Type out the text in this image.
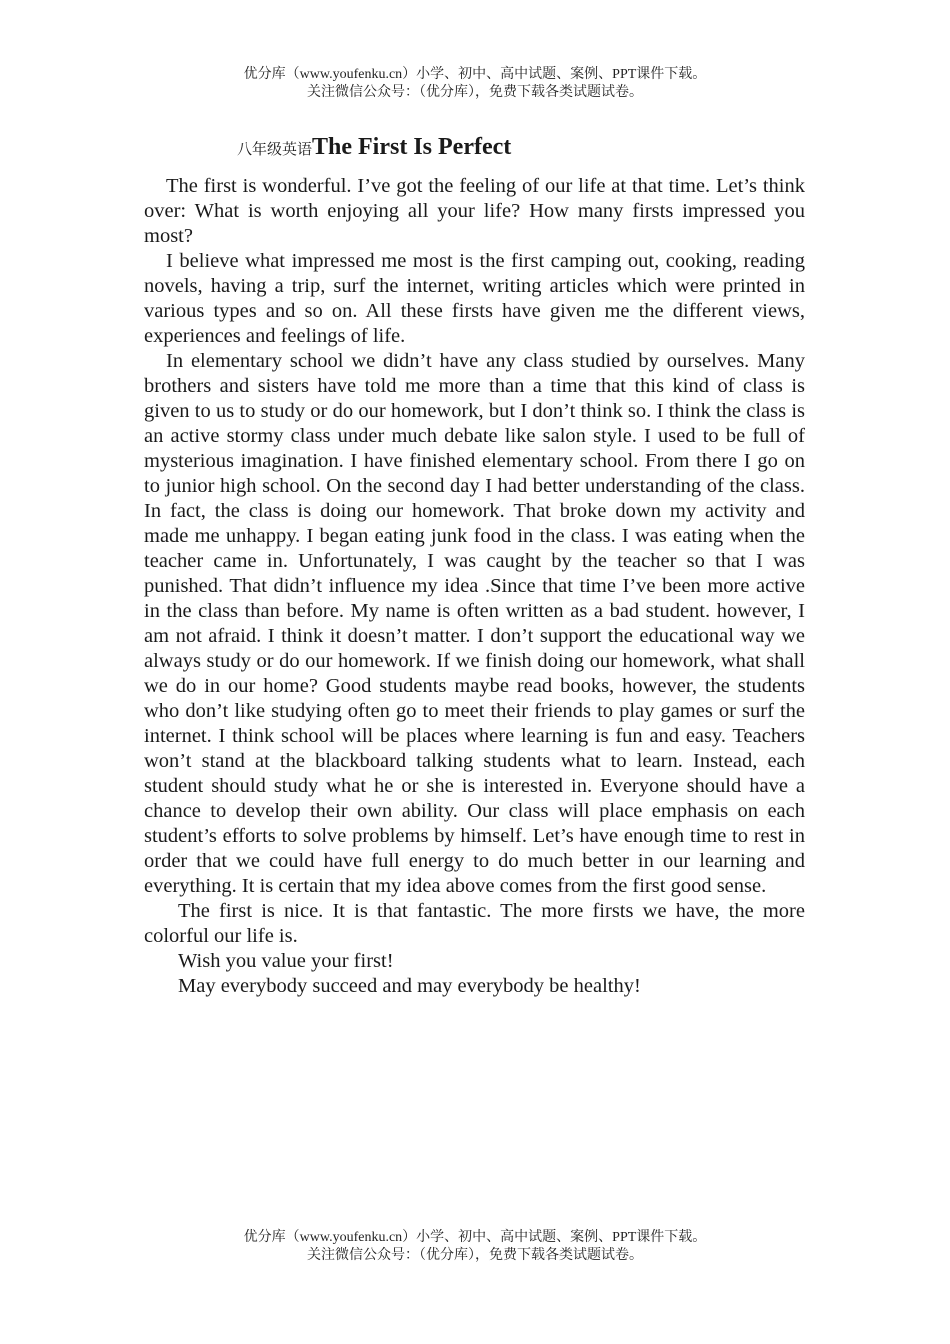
优分库（www.youfenku.cn）小学、初中、高中试题、案例、PPT课件下载。
关注微信公众号：（优分库），免费下载各类试题试卷。
八年级英语The First Is Perfect

The first is wonderful. I’ve got the feeling of our life at that time. Let’s think over: What is worth enjoying all your life? How many firsts impressed you most?

I believe what impressed me most is the first camping out, cooking, reading novels, having a trip, surf the internet, writing articles which were printed in various types and so on. All these firsts have given me the different views, experiences and feelings of life.

In elementary school we didn’t have any class studied by ourselves. Many brothers and sisters have told me more than a time that this kind of class is given to us to study or do our homework, but I don’t think so. I think the class is an active stormy class under much debate like salon style. I used to be full of mysterious imagination. I have finished elementary school. From there I go on to junior high school. On the second day I had better understanding of the class. In fact, the class is doing our homework. That broke down my activity and made me unhappy. I began eating junk food in the class. I was eating when the teacher came in. Unfortunately, I was caught by the teacher so that I was punished. That didn’t influence my idea .Since that time I’ve been more active in the class than before. My name is often written as a bad student. however, I am not afraid. I think it doesn’t matter. I don’t support the educational way we always study or do our homework. If we finish doing our homework, what shall we do in our home? Good students maybe read books, however, the students who don’t like studying often go to meet their friends to play games or surf the internet. I think school will be places where learning is fun and easy. Teachers won’t stand at the blackboard talking students what to learn. Instead, each student should study what he or she is interested in. Everyone should have a chance to develop their own ability. Our class will place emphasis on each student’s efforts to solve problems by himself. Let’s have enough time to rest in order that we could have full energy to do much better in our learning and everything. It is certain that my idea above comes from the first good sense.

The first is nice. It is that fantastic. The more firsts we have, the more colorful our life is.

Wish you value your first!

May everybody succeed and may everybody be healthy!

优分库（www.youfenku.cn）小学、初中、高中试题、案例、PPT课件下载。
关注微信公众号：（优分库），免费下载各类试题试卷。
